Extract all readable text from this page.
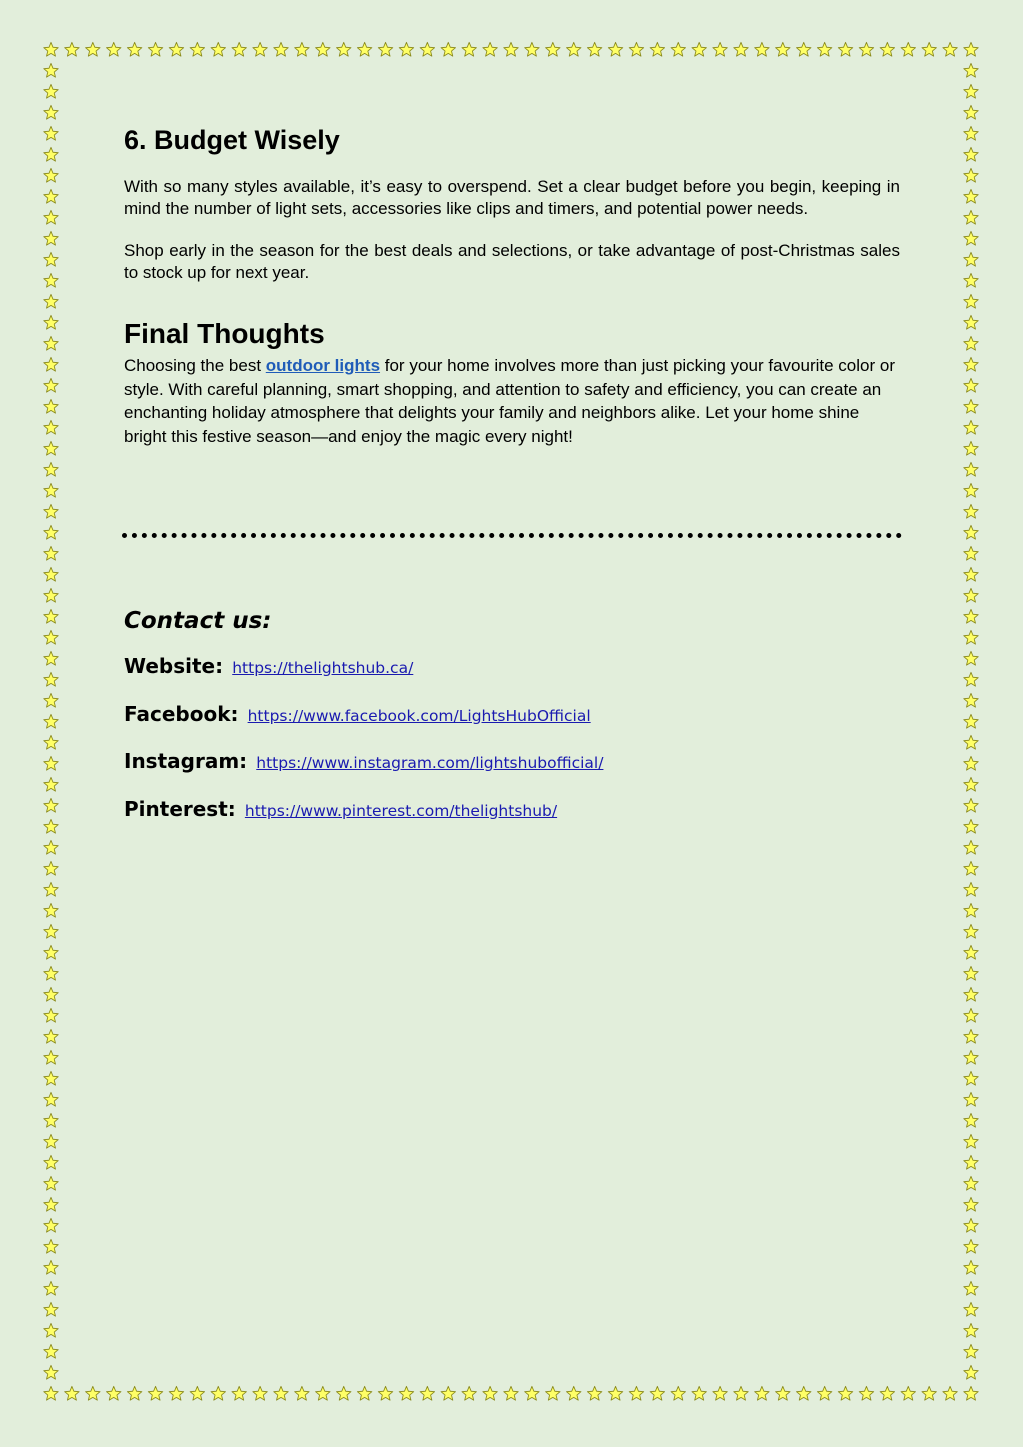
6. Budget Wisely

With so many styles available, it’s easy to overspend. Set a clear budget before you begin, keeping in mind the number of light sets, accessories like clips and timers, and potential power needs.

Shop early in the season for the best deals and selections, or take advantage of post-Christmas sales to stock up for next year.

Final Thoughts

Choosing the best outdoor lights for your home involves more than just picking your favourite color or style. With careful planning, smart shopping, and attention to safety and efficiency, you can create an enchanting holiday atmosphere that delights your family and neighbors alike. Let your home shine bright this festive season—and enjoy the magic every night!

Contact us:
Website: https://thelightshub.ca/
Facebook: https://www.facebook.com/LightsHubOfficial
Instagram: https://www.instagram.com/lightshubofficial/
Pinterest: https://www.pinterest.com/thelightshub/
